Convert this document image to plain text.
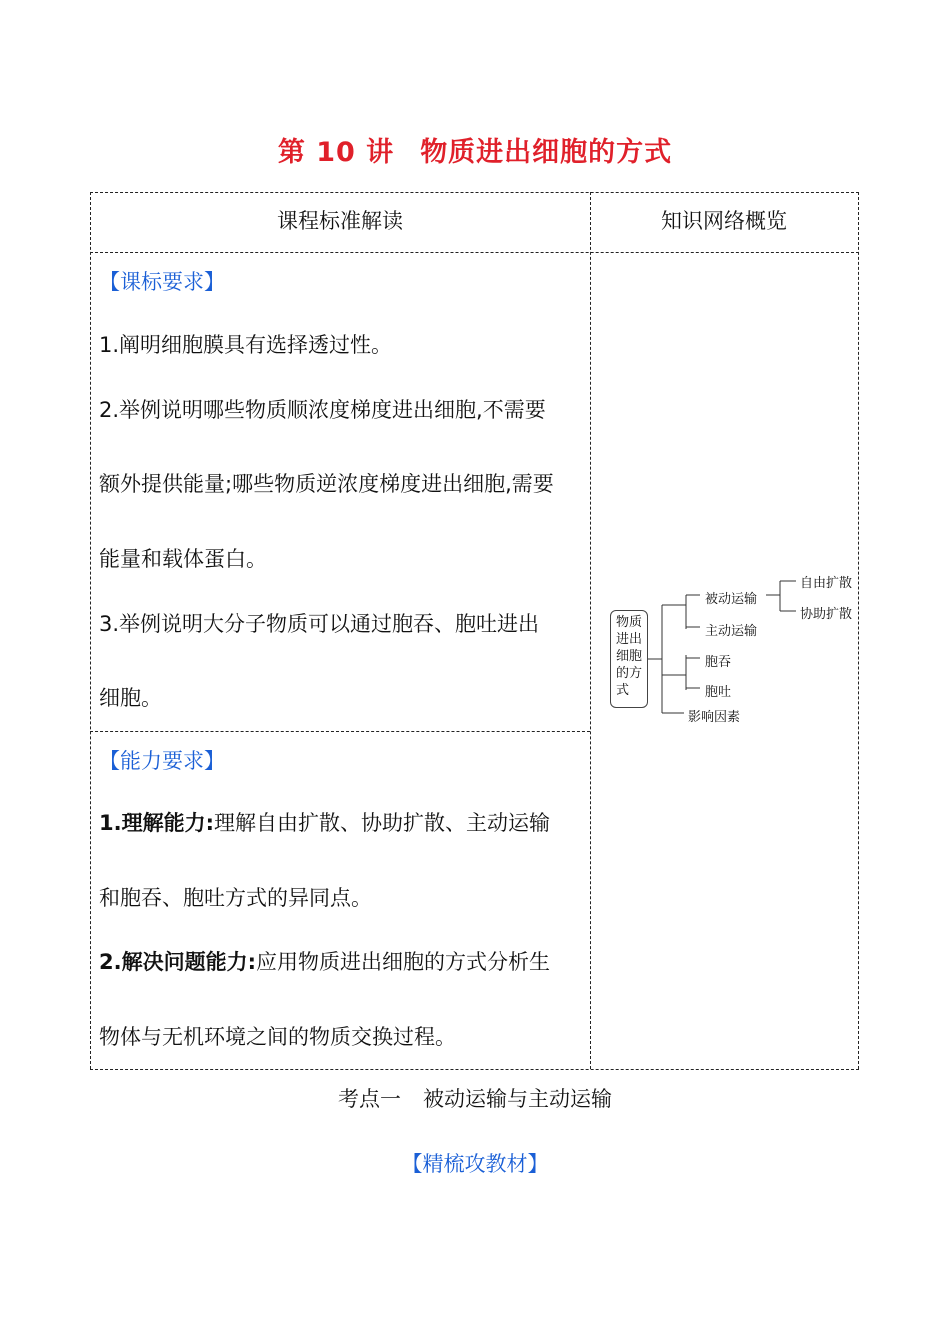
第 10 讲 物质进出细胞的方式
课程标准解读	知识网络概览
【课标要求】
1.阐明细胞膜具有选择透过性。
2.举例说明哪些物质顺浓度梯度进出细胞,不需要
额外提供能量;哪些物质逆浓度梯度进出细胞,需要
能量和载体蛋白。
3.举例说明大分子物质可以通过胞吞、胞吐进出
细胞。
【能力要求】
1.理解能力:理解自由扩散、协助扩散、主动运输
和胞吞、胞吐方式的异同点。
2.解决问题能力:应用物质进出细胞的方式分析生
物体与无机环境之间的物质交换过程。
物质进出细胞的方式
被动运输
自由扩散
协助扩散
主动运输
胞吞
胞吐
影响因素
考点一 被动运输与主动运输
【精梳攻教材】
